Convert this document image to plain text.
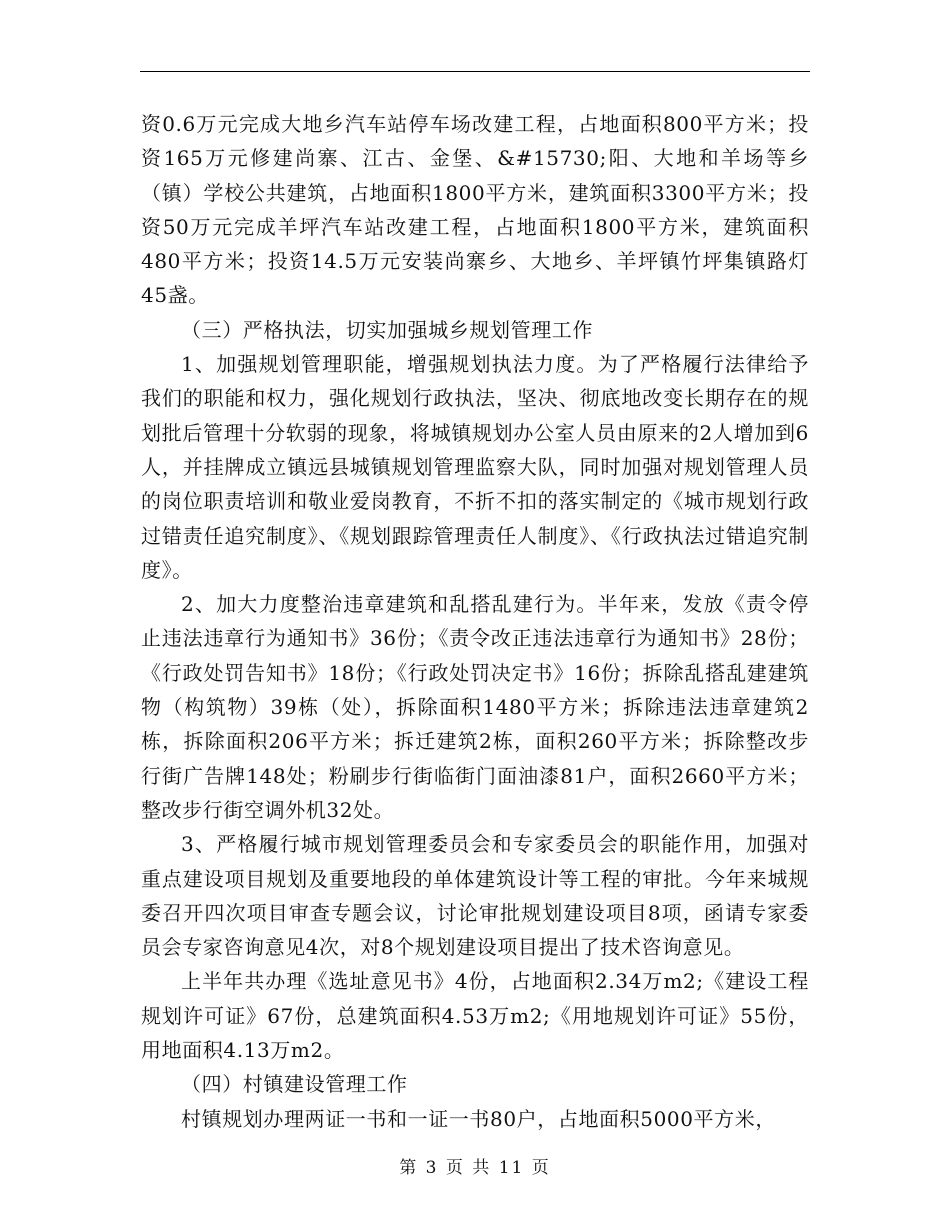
资0.6万元完成大地乡汽车站停车场改建工程，占地面积800平方米；投资165万元修建尚寨、江古、金堡、&#15730;阳、大地和羊场等乡（镇）学校公共建筑，占地面积1800平方米，建筑面积3300平方米；投资50万元完成羊坪汽车站改建工程，占地面积1800平方米，建筑面积480平方米；投资14.5万元安装尚寨乡、大地乡、羊坪镇竹坪集镇路灯45盏。

（三）严格执法，切实加强城乡规划管理工作

1、加强规划管理职能，增强规划执法力度。为了严格履行法律给予我们的职能和权力，强化规划行政执法，坚决、彻底地改变长期存在的规划批后管理十分软弱的现象，将城镇规划办公室人员由原来的2人增加到6人，并挂牌成立镇远县城镇规划管理监察大队，同时加强对规划管理人员的岗位职责培训和敬业爱岗教育，不折不扣的落实制定的《城市规划行政过错责任追究制度》、《规划跟踪管理责任人制度》、《行政执法过错追究制度》。

2、加大力度整治违章建筑和乱搭乱建行为。半年来，发放《责令停止违法违章行为通知书》36份；《责令改正违法违章行为通知书》28份；《行政处罚告知书》18份；《行政处罚决定书》16份；拆除乱搭乱建建筑物（构筑物）39栋（处），拆除面积1480平方米；拆除违法违章建筑2栋，拆除面积206平方米；拆迁建筑2栋，面积260平方米；拆除整改步行街广告牌148处；粉刷步行街临街门面油漆81户，面积2660平方米；整改步行街空调外机32处。

3、严格履行城市规划管理委员会和专家委员会的职能作用，加强对重点建设项目规划及重要地段的单体建筑设计等工程的审批。今年来城规委召开四次项目审查专题会议，讨论审批规划建设项目8项，函请专家委员会专家咨询意见4次，对8个规划建设项目提出了技术咨询意见。

上半年共办理《选址意见书》4份，占地面积2.34万m2;《建设工程规划许可证》67份，总建筑面积4.53万m2;《用地规划许可证》55份，用地面积4.13万m2。

（四）村镇建设管理工作

村镇规划办理两证一书和一证一书80户，占地面积5000平方米，

第 3 页 共 11 页
